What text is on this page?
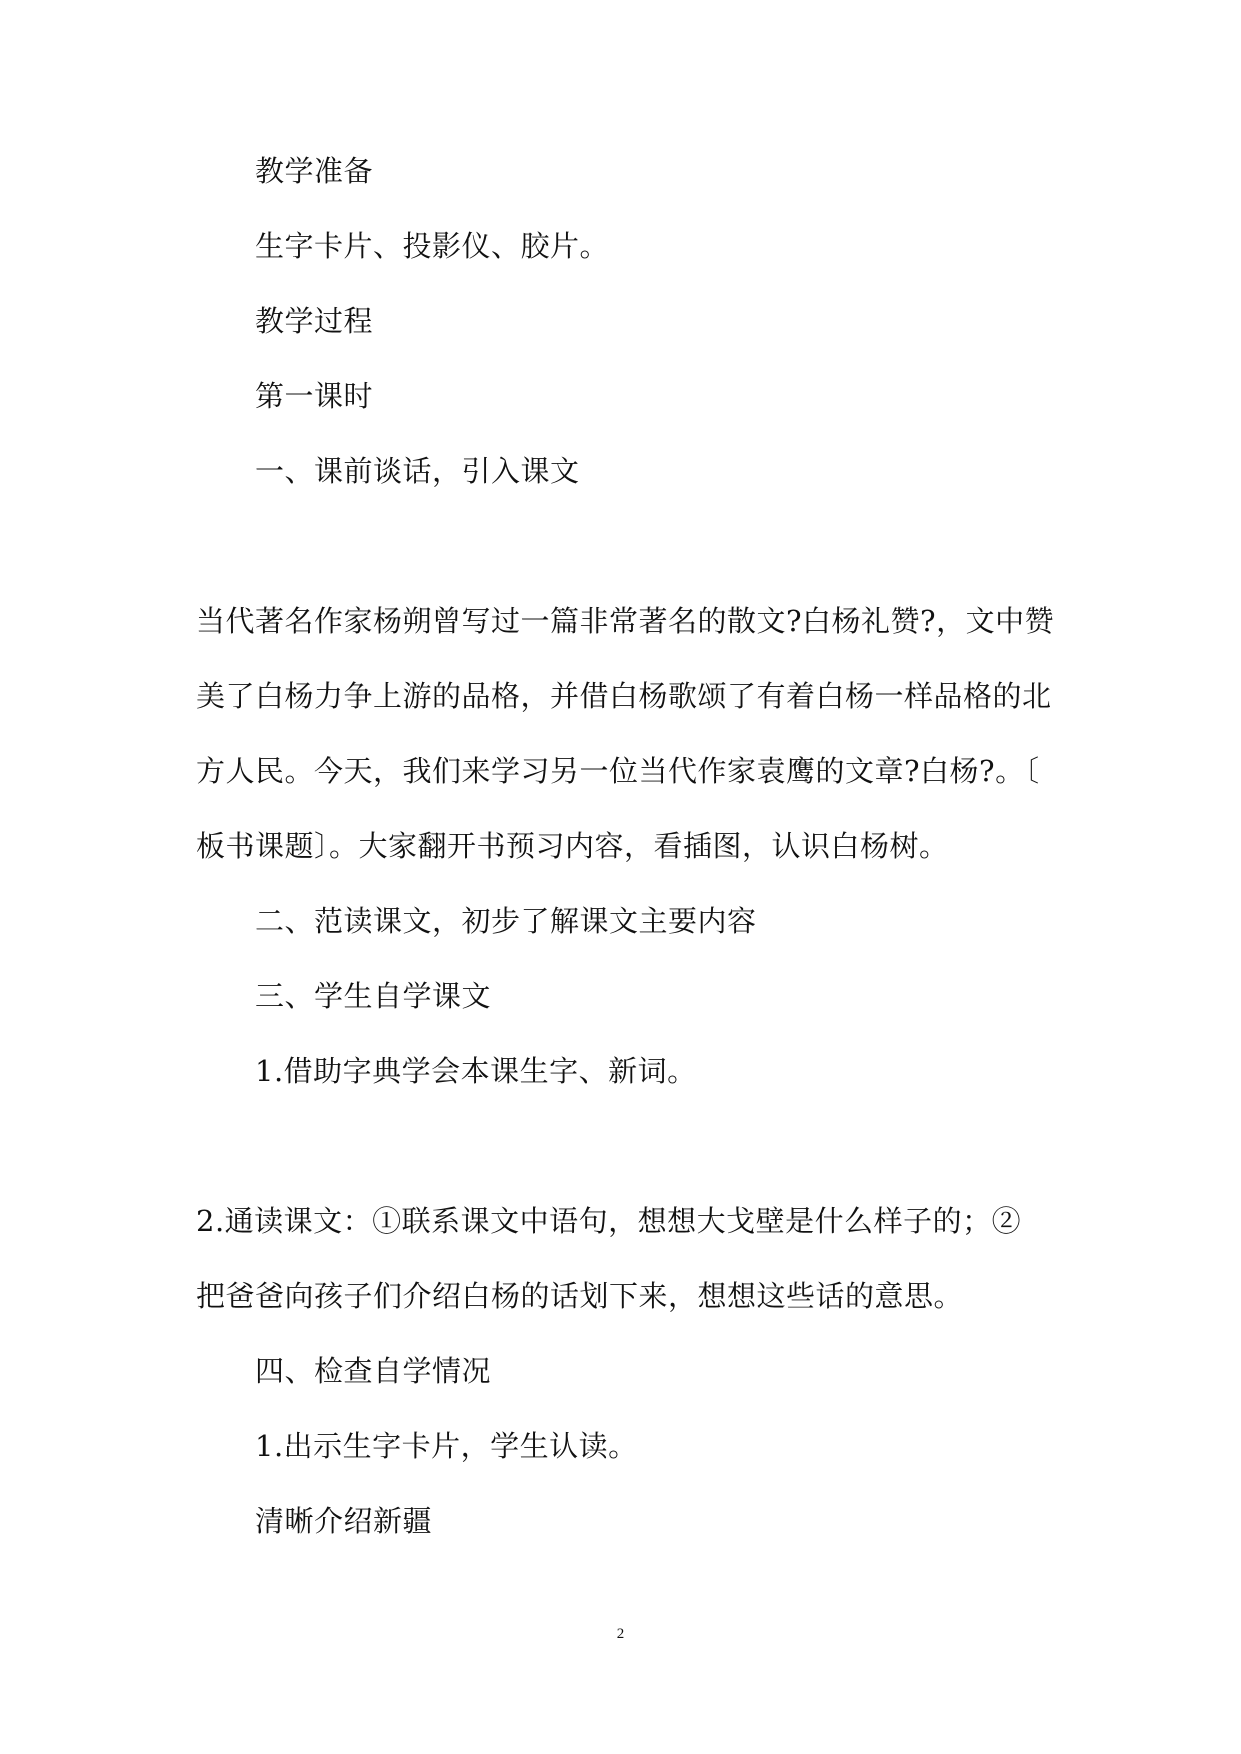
教学准备

生字卡片、投影仪、胶片。

教学过程

第一课时

一、课前谈话，引入课文

当代著名作家杨朔曾写过一篇非常著名的散文?白杨礼赞?，文中赞

美了白杨力争上游的品格，并借白杨歌颂了有着白杨一样品格的北

方人民。今天，我们来学习另一位当代作家袁鹰的文章?白杨?。〔

板书课题〕。大家翻开书预习内容，看插图，认识白杨树。

二、范读课文，初步了解课文主要内容

三、学生自学课文

1.借助字典学会本课生字、新词。

2.通读课文：①联系课文中语句，想想大戈壁是什么样子的；②

把爸爸向孩子们介绍白杨的话划下来，想想这些话的意思。

四、检查自学情况

1.出示生字卡片，学生认读。

清晰介绍新疆

2
